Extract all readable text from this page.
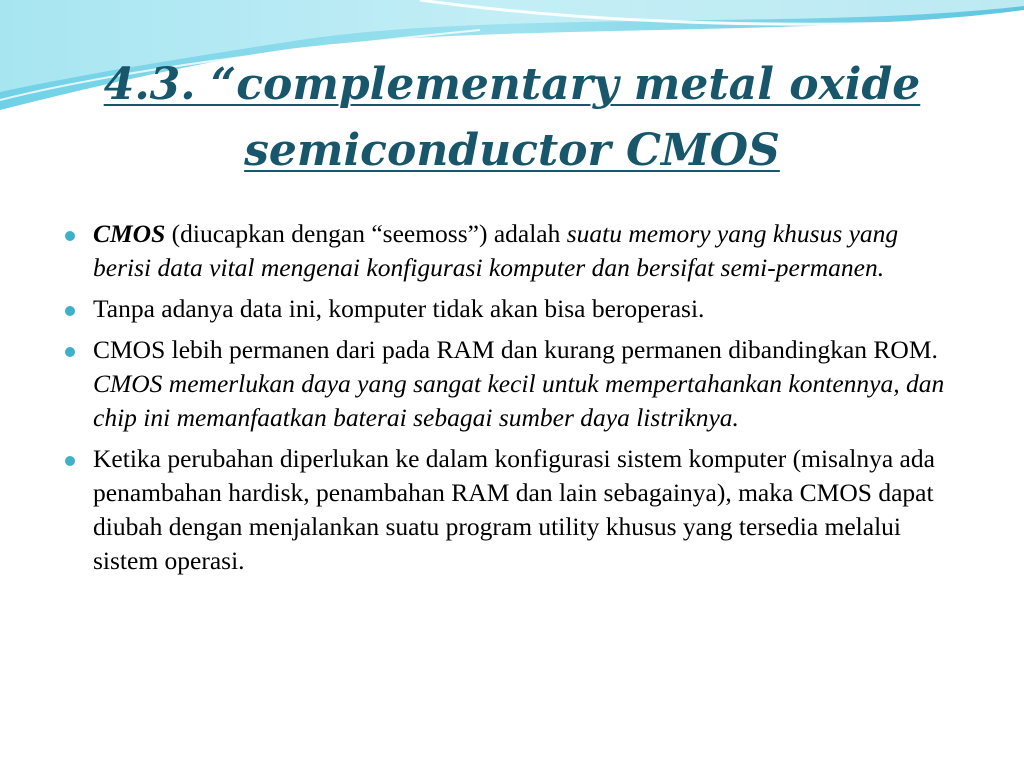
4.3. “complementary metal oxide
semiconductor CMOS
CMOS (diucapkan dengan “seemoss”) adalah suatu memory yang khusus yang berisi data vital mengenai konfigurasi komputer dan bersifat semi-permanen.
Tanpa adanya data ini, komputer tidak akan bisa beroperasi.
CMOS lebih permanen dari pada RAM dan kurang permanen dibandingkan ROM. CMOS memerlukan daya yang sangat kecil untuk mempertahankan kontennya, dan chip ini memanfaatkan baterai sebagai sumber daya listriknya.
Ketika perubahan diperlukan ke dalam konfigurasi sistem komputer (misalnya ada penambahan hardisk, penambahan RAM dan lain sebagainya), maka CMOS dapat diubah dengan menjalankan suatu program utility khusus yang tersedia melalui sistem operasi.
